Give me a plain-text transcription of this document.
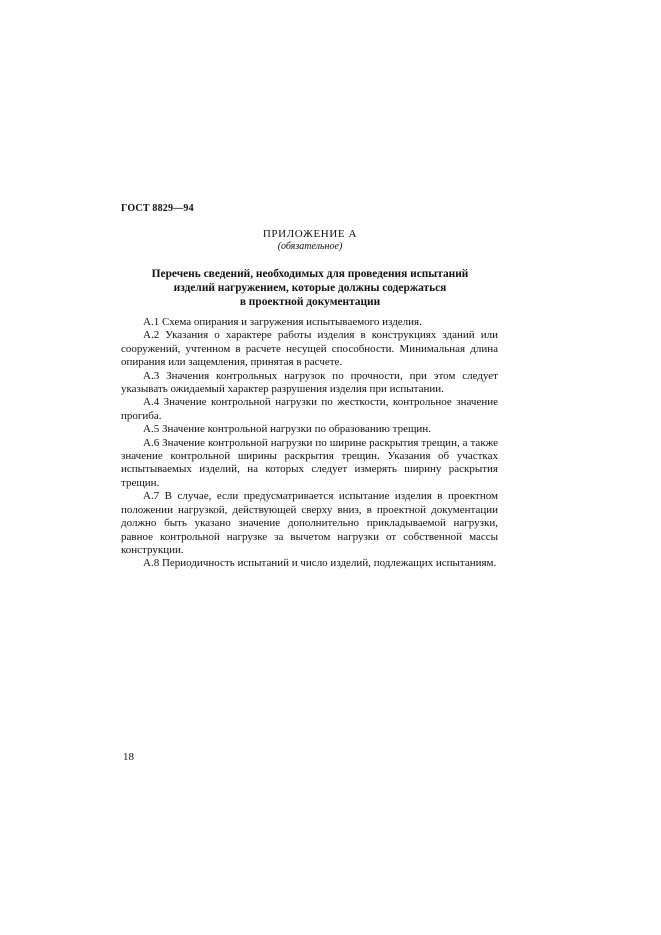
ГОСТ 8829—94
ПРИЛОЖЕНИЕ А
(обязательное)
Перечень сведений, необходимых для проведения испытаний
изделий нагружением, которые должны содержаться
в проектной документации

А.1 Схема опирания и загружения испытываемого изделия.

А.2 Указания о характере работы изделия в конструкциях зданий или сооружений, учтенном в расчете несущей способности. Минимальная длина опирания или защемления, принятая в расчете.

А.3 Значения контрольных нагрузок по прочности, при этом следует указывать ожидаемый характер разрушения изделия при испытании.

А.4 Значение контрольной нагрузки по жесткости, контрольное значение прогиба.

А.5 Значение контрольной нагрузки по образованию трещин.

А.6 Значение контрольной нагрузки по ширине раскрытия трещин, а также значение контрольной ширины раскрытия трещин. Указания об участках испытываемых изделий, на которых следует измерять ширину раскрытия трещин.

А.7 В случае, если предусматривается испытание изделия в проектном положении нагрузкой, действующей сверху вниз, в проектной документации должно быть указано значение дополнительно прикладываемой нагрузки, равное контрольной нагрузке за вычетом нагрузки от собственной массы конструкции.

А.8 Периодичность испытаний и число изделий, подлежащих испытаниям.

18
